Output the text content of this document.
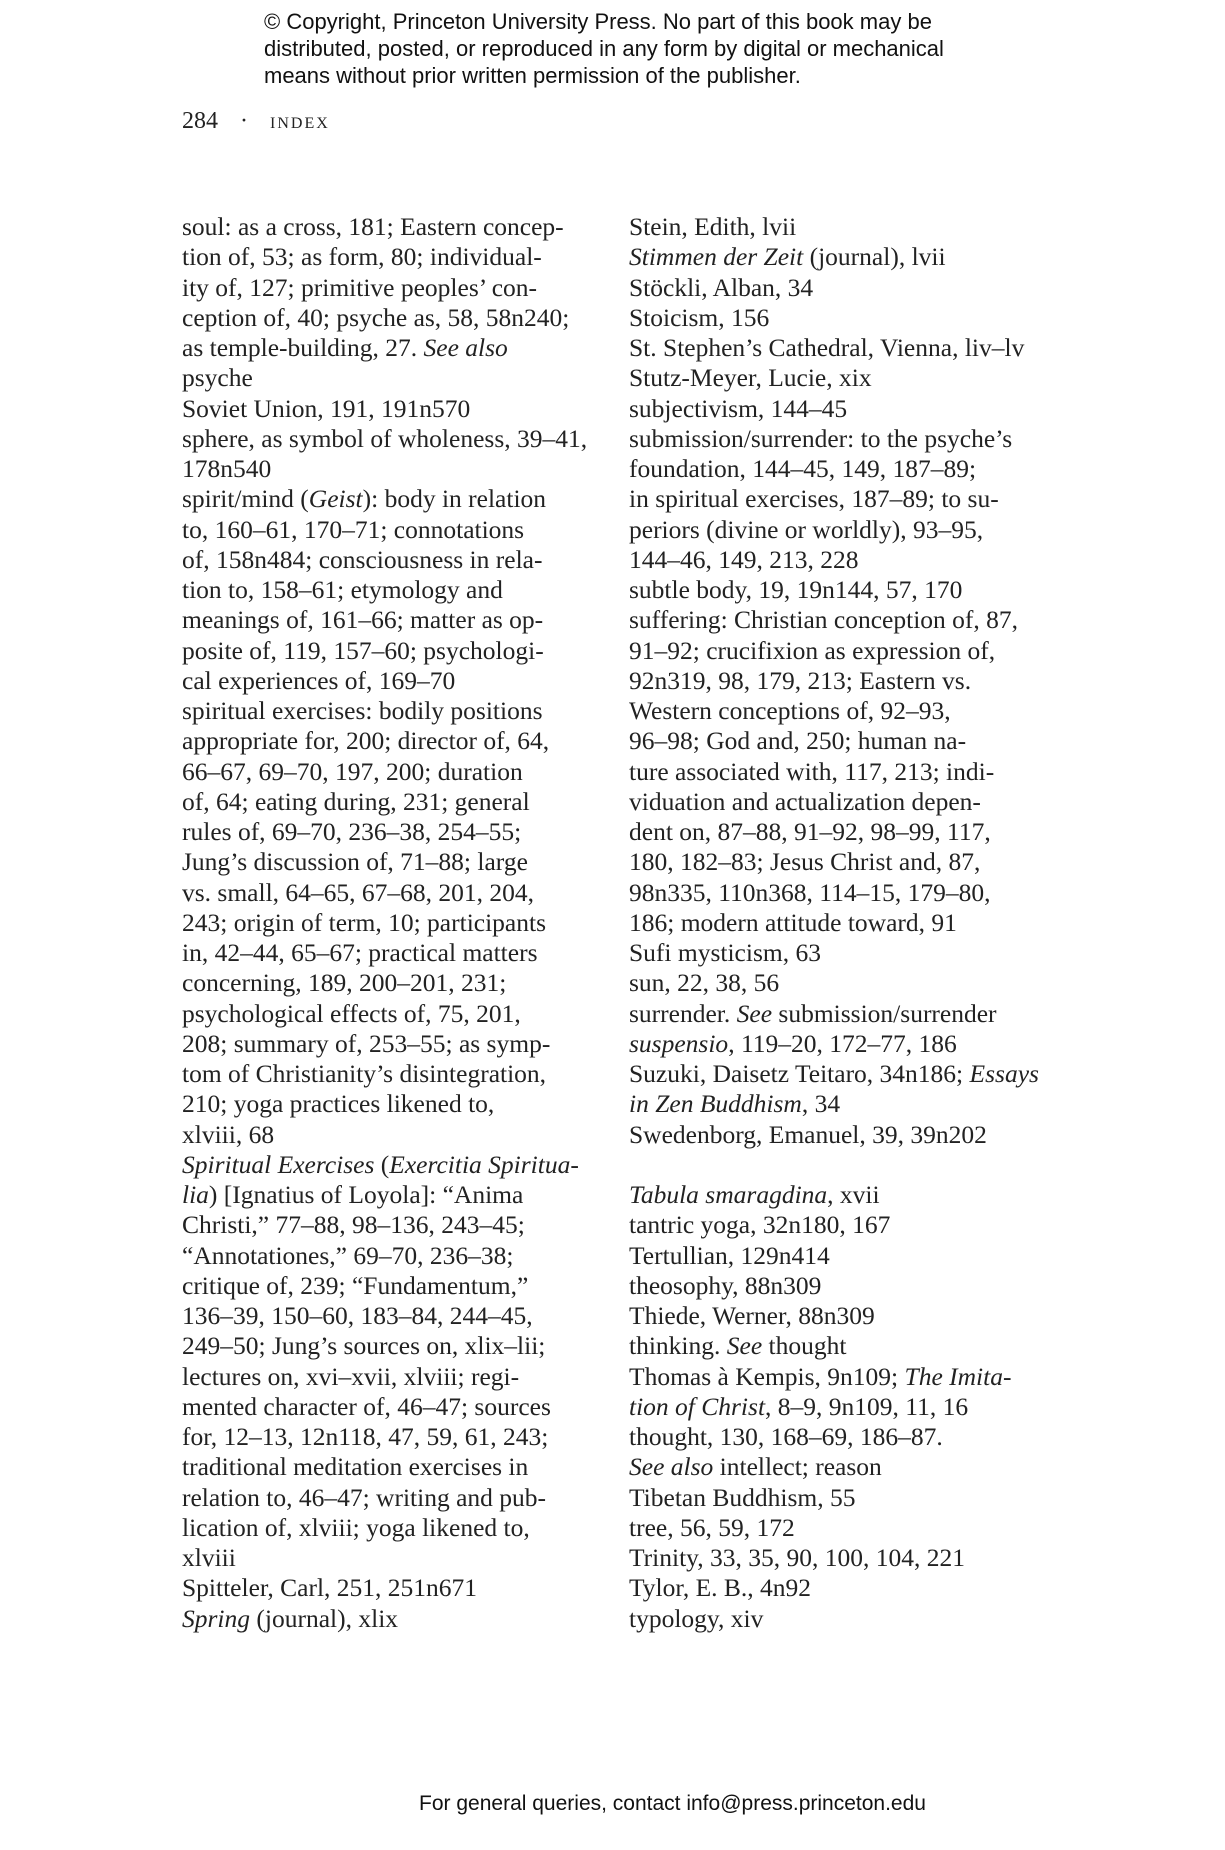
© Copyright, Princeton University Press. No part of this book may be
distributed, posted, or reproduced in any form by digital or mechanical
means without prior written permission of the publisher.
284 · index
soul: as a cross, 181; Eastern concep-
tion of, 53; as form, 80; individual-
ity of, 127; primitive peoples’ con-
ception of, 40; psyche as, 58, 58n240;
as temple-building, 27. See also
psyche
Soviet Union, 191, 191n570
sphere, as symbol of wholeness, 39–41,
178n540
spirit/mind (Geist): body in relation
to, 160–61, 170–71; connotations
of, 158n484; consciousness in rela-
tion to, 158–61; etymology and
meanings of, 161–66; matter as op-
posite of, 119, 157–60; psychologi-
cal experiences of, 169–70
spiritual exercises: bodily positions
appropriate for, 200; director of, 64,
66–67, 69–70, 197, 200; duration
of, 64; eating during, 231; general
rules of, 69–70, 236–38, 254–55;
Jung’s discussion of, 71–88; large
vs. small, 64–65, 67–68, 201, 204,
243; origin of term, 10; participants
in, 42–44, 65–67; practical matters
concerning, 189, 200–201, 231;
psychological effects of, 75, 201,
208; summary of, 253–55; as symp-
tom of Christianity’s disintegration,
210; yoga practices likened to,
xlviii, 68
Spiritual Exercises (Exercitia Spiritua-
lia) [Ignatius of Loyola]: “Anima
Christi,” 77–88, 98–136, 243–45;
“Annotationes,” 69–70, 236–38;
critique of, 239; “Fundamentum,”
136–39, 150–60, 183–84, 244–45,
249–50; Jung’s sources on, xlix–lii;
lectures on, xvi–xvii, xlviii; regi-
mented character of, 46–47; sources
for, 12–13, 12n118, 47, 59, 61, 243;
traditional meditation exercises in
relation to, 46–47; writing and pub-
lication of, xlviii; yoga likened to,
xlviii
Spitteler, Carl, 251, 251n671
Spring (journal), xlix
Stein, Edith, lvii
Stimmen der Zeit (journal), lvii
Stöckli, Alban, 34
Stoicism, 156
St. Stephen’s Cathedral, Vienna, liv–lv
Stutz-Meyer, Lucie, xix
subjectivism, 144–45
submission/surrender: to the psyche’s
foundation, 144–45, 149, 187–89;
in spiritual exercises, 187–89; to su-
periors (divine or worldly), 93–95,
144–46, 149, 213, 228
subtle body, 19, 19n144, 57, 170
suffering: Christian conception of, 87,
91–92; crucifixion as expression of,
92n319, 98, 179, 213; Eastern vs.
Western conceptions of, 92–93,
96–98; God and, 250; human na-
ture associated with, 117, 213; indi-
viduation and actualization depen-
dent on, 87–88, 91–92, 98–99, 117,
180, 182–83; Jesus Christ and, 87,
98n335, 110n368, 114–15, 179–80,
186; modern attitude toward, 91
Sufi mysticism, 63
sun, 22, 38, 56
surrender. See submission/surrender
suspensio, 119–20, 172–77, 186
Suzuki, Daisetz Teitaro, 34n186; Essays
in Zen Buddhism, 34
Swedenborg, Emanuel, 39, 39n202
Tabula smaragdina, xvii
tantric yoga, 32n180, 167
Tertullian, 129n414
theosophy, 88n309
Thiede, Werner, 88n309
thinking. See thought
Thomas à Kempis, 9n109; The Imita-
tion of Christ, 8–9, 9n109, 11, 16
thought, 130, 168–69, 186–87.
See also intellect; reason
Tibetan Buddhism, 55
tree, 56, 59, 172
Trinity, 33, 35, 90, 100, 104, 221
Tylor, E. B., 4n92
typology, xiv
For general queries, contact info@press.princeton.edu
